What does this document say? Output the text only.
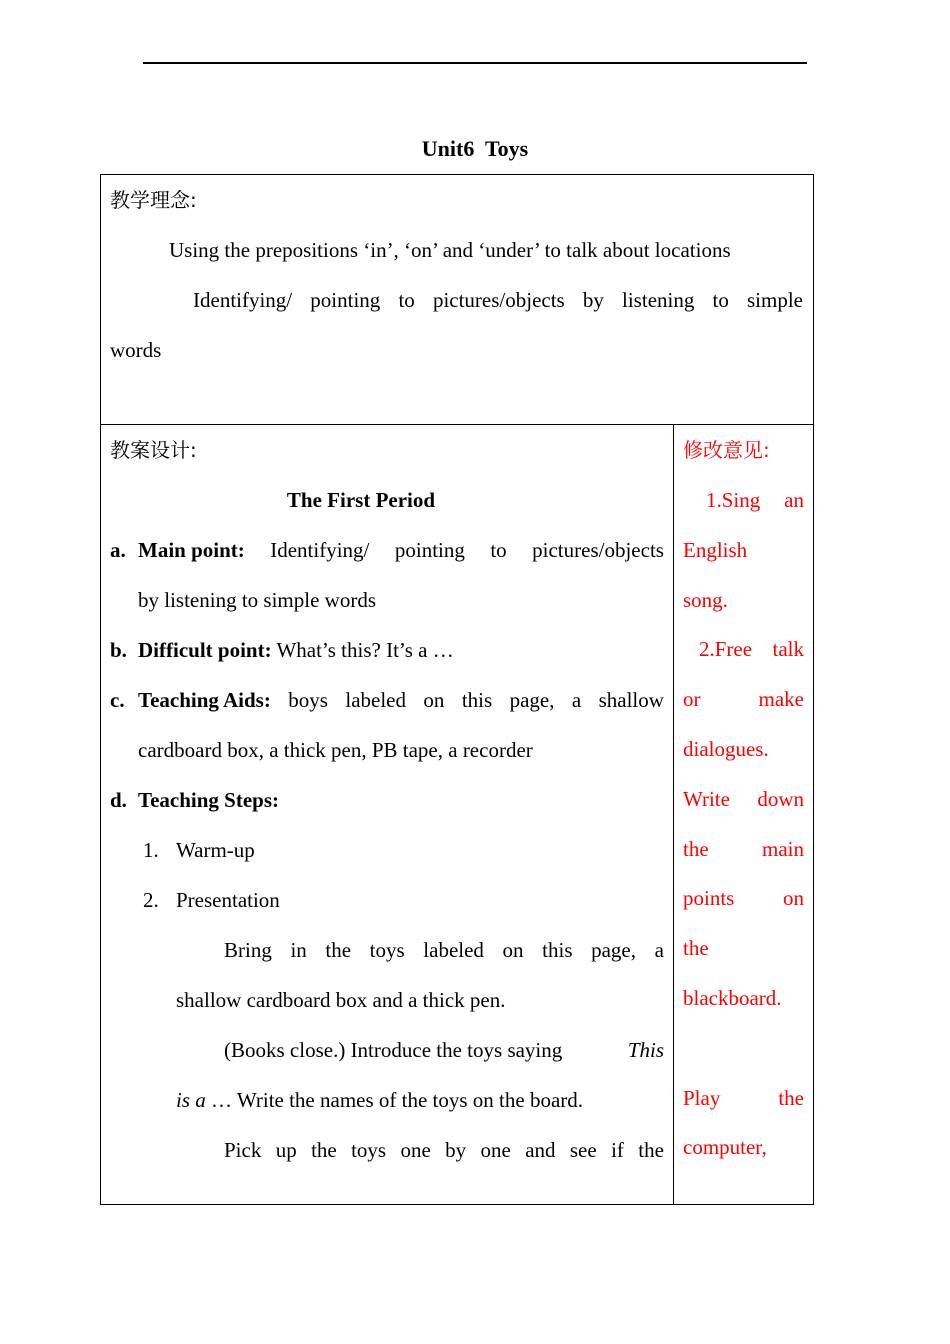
Unit6  Toys
教学理念:
Using the prepositions ‘in’, ‘on’ and ‘under’ to talk about locations
Identifying/ pointing to pictures/objects by listening to simple
words
教案设计:
The First Period
a. Main point: Identifying/ pointing to pictures/objects
by listening to simple words
b. Difficult point: What’s this? It’s a …
c. Teaching Aids: boys labeled on this page, a shallow
cardboard box, a thick pen, PB tape, a recorder
d. Teaching Steps:
1. Warm-up
2. Presentation
Bring in the toys labeled on this page, a
shallow cardboard box and a thick pen.
(Books close.) Introduce the toys saying	This
is a … Write the names of the toys on the board.
Pick up the toys one by one and see if the
修改意见:
1.Sing an
English
song.
2.Free talk
or	make
dialogues.
Write down
the	main
points on
the
blackboard.
Play	the
computer,
